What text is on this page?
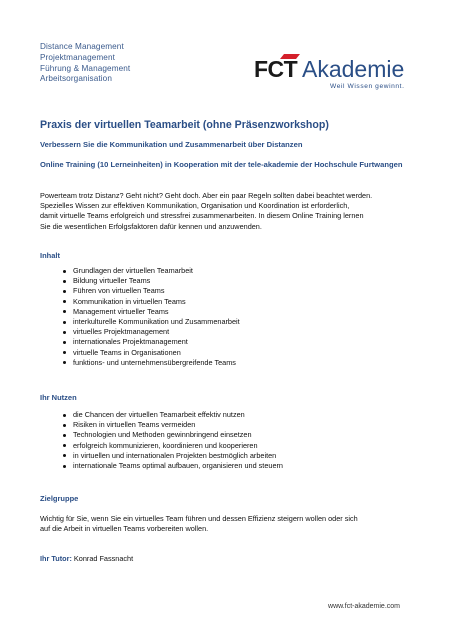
Distance Management
Projektmanagement
Führung & Management
Arbeitsorganisation	FCT Akademie
Weil Wissen gewinnt.
Praxis der virtuellen Teamarbeit (ohne Präsenzworkshop)

Verbessern Sie die Kommunikation und Zusammenarbeit über Distanzen

Online Training (10 Lerneinheiten) in Kooperation mit der tele-akademie der Hochschule Furtwangen

Powerteam trotz Distanz? Geht nicht? Geht doch. Aber ein paar Regeln sollten dabei beachtet werden.
Spezielles Wissen zur effektiven Kommunikation, Organisation und Koordination ist erforderlich,
damit virtuelle Teams erfolgreich und stressfrei zusammenarbeiten. In diesem Online Training lernen
Sie die wesentlichen Erfolgsfaktoren dafür kennen und anzuwenden.

Inhalt

Grundlagen der virtuellen Teamarbeit
Bildung virtueller Teams
Führen von virtuellen Teams
Kommunikation in virtuellen Teams
Management virtueller Teams
interkulturelle Kommunikation und Zusammenarbeit
virtuelles Projektmanagement
internationales Projektmanagement
virtuelle Teams in Organisationen
funktions- und unternehmensübergreifende Teams

Ihr Nutzen

die Chancen der virtuellen Teamarbeit effektiv nutzen
Risiken in virtuellen Teams vermeiden
Technologien und Methoden gewinnbringend einsetzen
erfolgreich kommunizieren, koordinieren und kooperieren
in virtuellen und internationalen Projekten bestmöglich arbeiten
internationale Teams optimal aufbauen, organisieren und steuern

Zielgruppe

Wichtig für Sie, wenn Sie ein virtuelles Team führen und dessen Effizienz steigern wollen oder sich
auf die Arbeit in virtuellen Teams vorbereiten wollen.
Ihr Tutor: Konrad Fassnacht
www.fct-akademie.com
